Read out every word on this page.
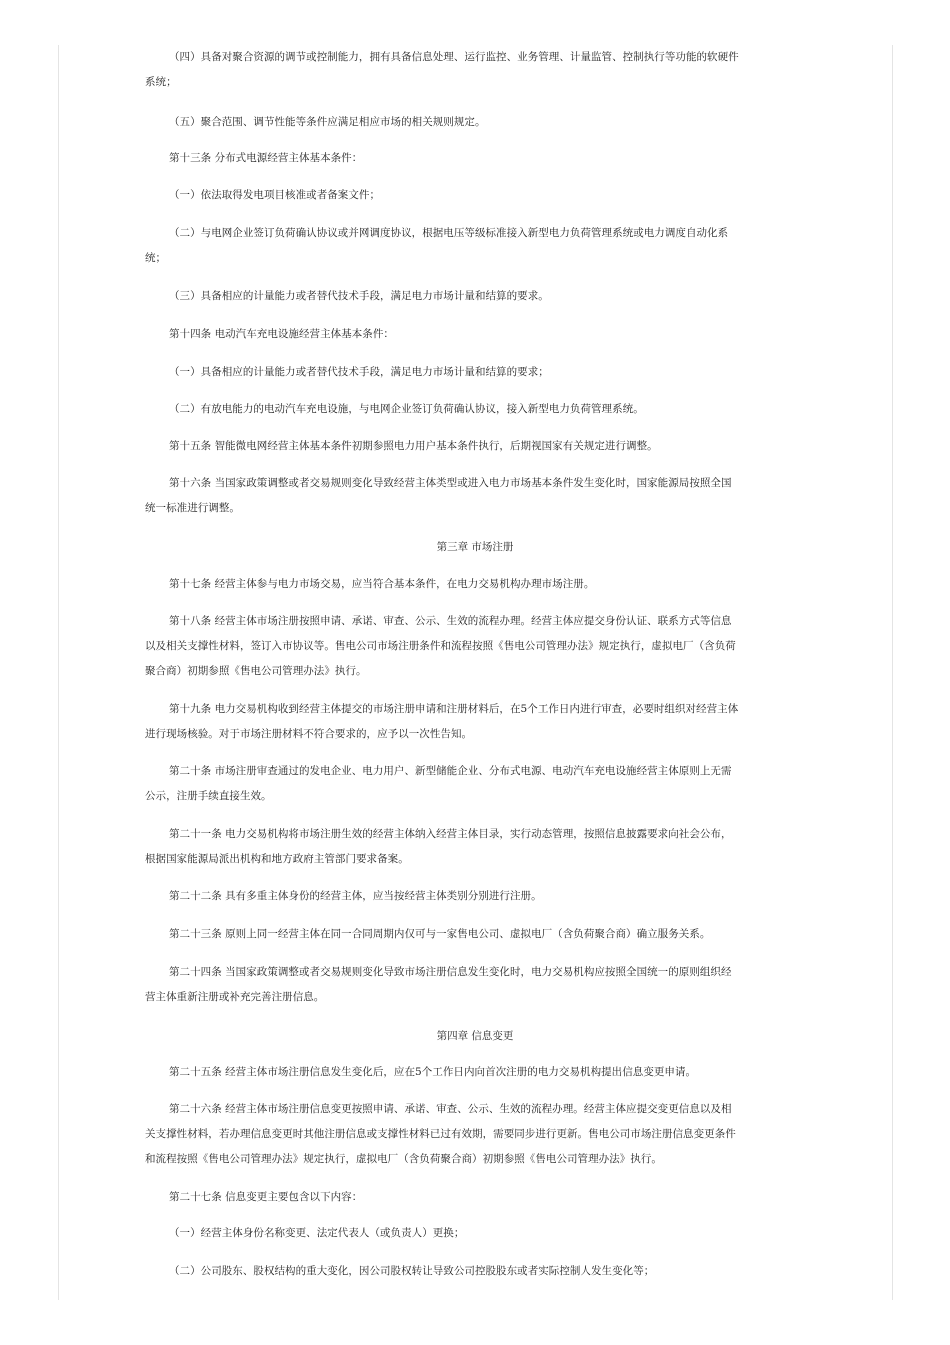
（四）具备对聚合资源的调节或控制能力，拥有具备信息处理、运行监控、业务管理、计量监管、控制执行等功能的软硬件
系统；
（五）聚合范围、调节性能等条件应满足相应市场的相关规则规定。
第十三条 分布式电源经营主体基本条件：
（一）依法取得发电项目核准或者备案文件；
（二）与电网企业签订负荷确认协议或并网调度协议，根据电压等级标准接入新型电力负荷管理系统或电力调度自动化系
统；
（三）具备相应的计量能力或者替代技术手段，满足电力市场计量和结算的要求。
第十四条 电动汽车充电设施经营主体基本条件：
（一）具备相应的计量能力或者替代技术手段，满足电力市场计量和结算的要求；
（二）有放电能力的电动汽车充电设施，与电网企业签订负荷确认协议，接入新型电力负荷管理系统。
第十五条 智能微电网经营主体基本条件初期参照电力用户基本条件执行，后期视国家有关规定进行调整。
第十六条 当国家政策调整或者交易规则变化导致经营主体类型或进入电力市场基本条件发生变化时，国家能源局按照全国
统一标准进行调整。
第三章 市场注册
第十七条 经营主体参与电力市场交易，应当符合基本条件，在电力交易机构办理市场注册。
第十八条 经营主体市场注册按照申请、承诺、审查、公示、生效的流程办理。经营主体应提交身份认证、联系方式等信息
以及相关支撑性材料，签订入市协议等。售电公司市场注册条件和流程按照《售电公司管理办法》规定执行，虚拟电厂（含负荷
聚合商）初期参照《售电公司管理办法》执行。
第十九条 电力交易机构收到经营主体提交的市场注册申请和注册材料后，在5个工作日内进行审查，必要时组织对经营主体
进行现场核验。对于市场注册材料不符合要求的，应予以一次性告知。
第二十条 市场注册审查通过的发电企业、电力用户、新型储能企业、分布式电源、电动汽车充电设施经营主体原则上无需
公示，注册手续直接生效。
第二十一条 电力交易机构将市场注册生效的经营主体纳入经营主体目录，实行动态管理，按照信息披露要求向社会公布，
根据国家能源局派出机构和地方政府主管部门要求备案。
第二十二条 具有多重主体身份的经营主体，应当按经营主体类别分别进行注册。
第二十三条 原则上同一经营主体在同一合同周期内仅可与一家售电公司、虚拟电厂（含负荷聚合商）确立服务关系。
第二十四条 当国家政策调整或者交易规则变化导致市场注册信息发生变化时，电力交易机构应按照全国统一的原则组织经
营主体重新注册或补充完善注册信息。
第四章 信息变更
第二十五条 经营主体市场注册信息发生变化后，应在5个工作日内向首次注册的电力交易机构提出信息变更申请。
第二十六条 经营主体市场注册信息变更按照申请、承诺、审查、公示、生效的流程办理。经营主体应提交变更信息以及相
关支撑性材料，若办理信息变更时其他注册信息或支撑性材料已过有效期，需要同步进行更新。售电公司市场注册信息变更条件
和流程按照《售电公司管理办法》规定执行，虚拟电厂（含负荷聚合商）初期参照《售电公司管理办法》执行。
第二十七条 信息变更主要包含以下内容：
（一）经营主体身份名称变更、法定代表人（或负责人）更换；
（二）公司股东、股权结构的重大变化，因公司股权转让导致公司控股股东或者实际控制人发生变化等；
